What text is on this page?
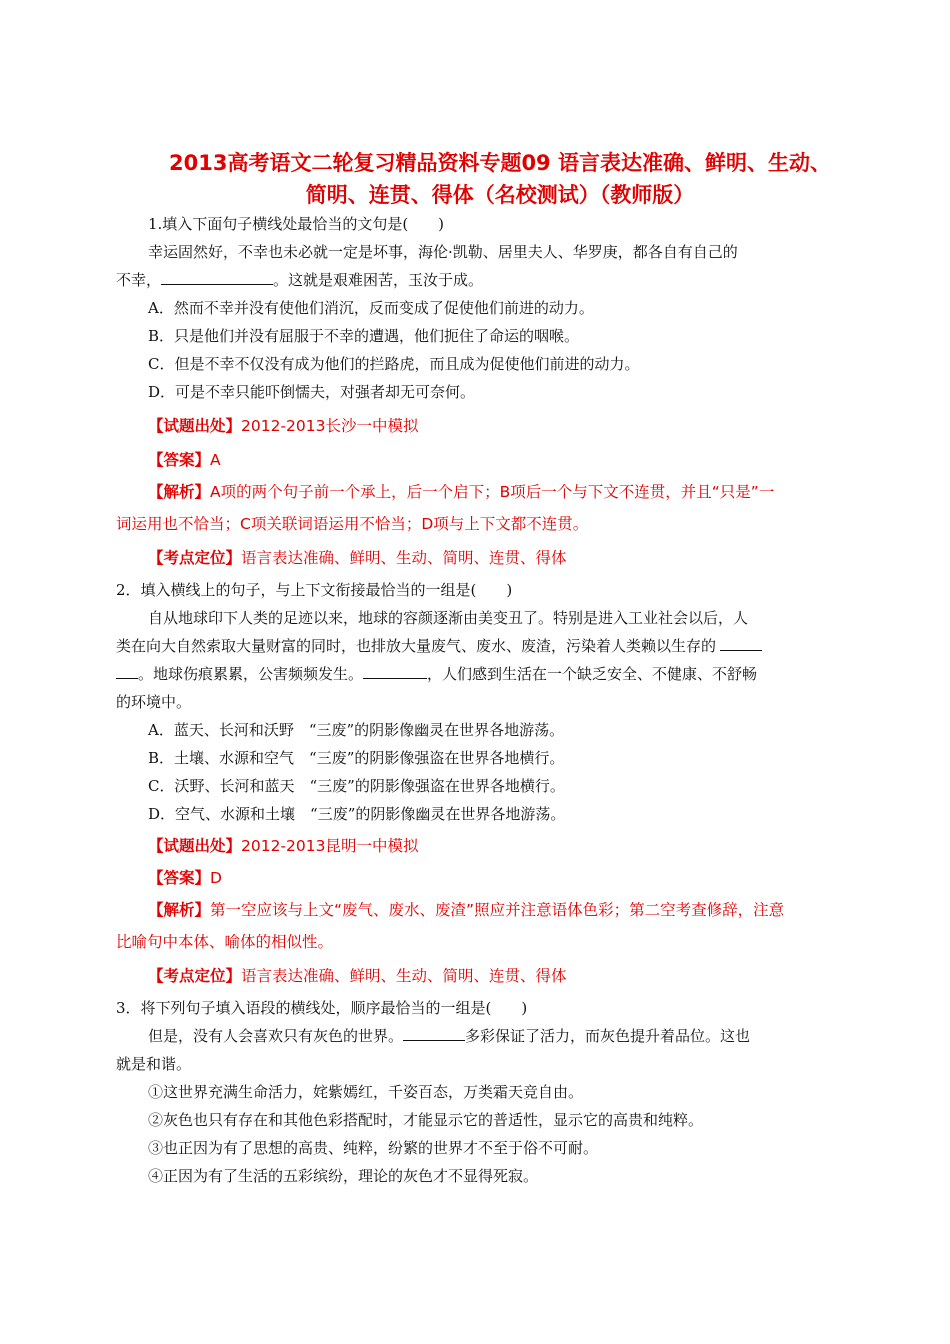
2013高考语文二轮复习精品资料专题09 语言表达准确、鲜明、生动、
简明、连贯、得体（名校测试）（教师版）
1.填入下面句子横线处最恰当的文句是(　　)
幸运固然好，不幸也未必就一定是坏事，海伦·凯勒、居里夫人、华罗庚，都各自有自己的
不幸，	。这就是艰难困苦，玉汝于成。
A．然而不幸并没有使他们消沉，反而变成了促使他们前进的动力。
B．只是他们并没有屈服于不幸的遭遇，他们扼住了命运的咽喉。
C．但是不幸不仅没有成为他们的拦路虎，而且成为促使他们前进的动力。
D．可是不幸只能吓倒懦夫，对强者却无可奈何。
【试题出处】2012-2013长沙一中模拟
【答案】A
【解析】A项的两个句子前一个承上，后一个启下；B项后一个与下文不连贯，并且“只是”一
词运用也不恰当；C项关联词语运用不恰当；D项与上下文都不连贯。
【考点定位】语言表达准确、鲜明、生动、简明、连贯、得体
2．填入横线上的句子，与上下文衔接最恰当的一组是(　　)
自从地球印下人类的足迹以来，地球的容颜逐渐由美变丑了。特别是进入工业社会以后，人
类在向大自然索取大量财富的同时，也排放大量废气、废水、废渣，污染着人类赖以生存的
。地球伤痕累累，公害频频发生。	，人们感到生活在一个缺乏安全、不健康、不舒畅
的环境中。
A．蓝天、长河和沃野　“三废”的阴影像幽灵在世界各地游荡。
B．土壤、水源和空气　“三废”的阴影像强盗在世界各地横行。
C．沃野、长河和蓝天　“三废”的阴影像强盗在世界各地横行。
D．空气、水源和土壤　“三废”的阴影像幽灵在世界各地游荡。
【试题出处】2012-2013昆明一中模拟
【答案】D
【解析】第一空应该与上文“废气、废水、废渣”照应并注意语体色彩；第二空考查修辞，注意
比喻句中本体、喻体的相似性。
【考点定位】语言表达准确、鲜明、生动、简明、连贯、得体
3．将下列句子填入语段的横线处，顺序最恰当的一组是(　　)
但是，没有人会喜欢只有灰色的世界。	多彩保证了活力，而灰色提升着品位。这也
就是和谐。
①这世界充满生命活力，姹紫嫣红，千姿百态，万类霜天竞自由。
②灰色也只有存在和其他色彩搭配时，才能显示它的普适性，显示它的高贵和纯粹。
③也正因为有了思想的高贵、纯粹，纷繁的世界才不至于俗不可耐。
④正因为有了生活的五彩缤纷，理论的灰色才不显得死寂。
